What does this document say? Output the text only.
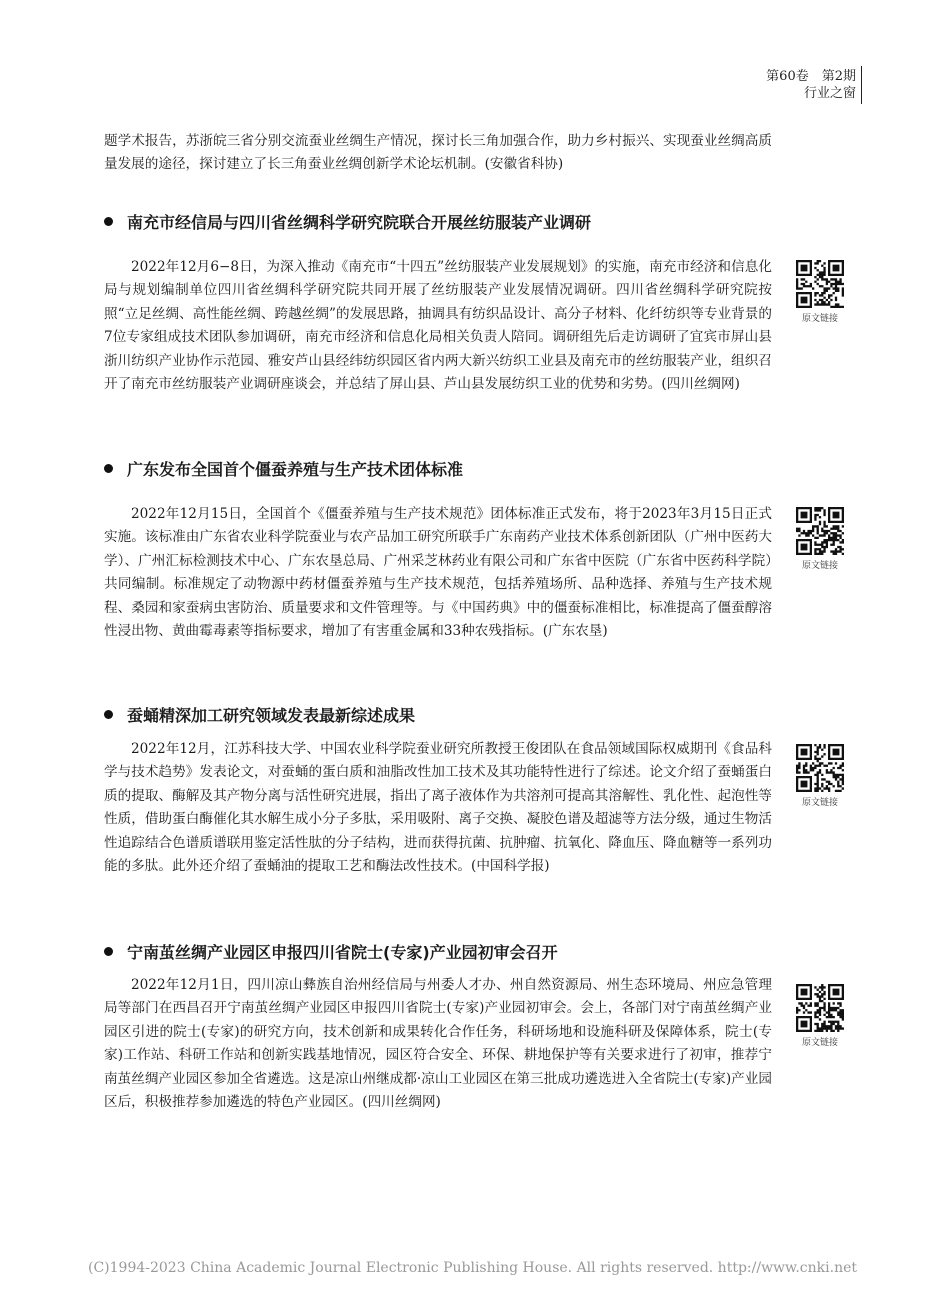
第60卷　第2期
行业之窗

题学术报告，苏浙皖三省分别交流蚕业丝绸生产情况，探讨长三角加强合作，助力乡村振兴、实现蚕业丝绸高质量发展的途径，探讨建立了长三角蚕业丝绸创新学术论坛机制。(安徽省科协)

南充市经信局与四川省丝绸科学研究院联合开展丝纺服装产业调研

2022年12月6−8日，为深入推动《南充市“十四五”丝纺服装产业发展规划》的实施，南充市经济和信息化局与规划编制单位四川省丝绸科学研究院共同开展了丝纺服装产业发展情况调研。四川省丝绸科学研究院按照“立足丝绸、高性能丝绸、跨越丝绸”的发展思路，抽调具有纺织品设计、高分子材料、化纤纺织等专业背景的7位专家组成技术团队参加调研，南充市经济和信息化局相关负责人陪同。调研组先后走访调研了宜宾市屏山县浙川纺织产业协作示范园、雅安芦山县经纬纺织园区省内两大新兴纺织工业县及南充市的丝纺服装产业，组织召开了南充市丝纺服装产业调研座谈会，并总结了屏山县、芦山县发展纺织工业的优势和劣势。(四川丝绸网)

原文链接
广东发布全国首个僵蚕养殖与生产技术团体标准

2022年12月15日，全国首个《僵蚕养殖与生产技术规范》团体标准正式发布，将于2023年3月15日正式实施。该标准由广东省农业科学院蚕业与农产品加工研究所联手广东南药产业技术体系创新团队（广州中医药大学）、广州汇标检测技术中心、广东农垦总局、广州采芝林药业有限公司和广东省中医院（广东省中医药科学院）共同编制。标准规定了动物源中药材僵蚕养殖与生产技术规范，包括养殖场所、品种选择、养殖与生产技术规程、桑园和家蚕病虫害防治、质量要求和文件管理等。与《中国药典》中的僵蚕标准相比，标准提高了僵蚕醇溶性浸出物、黄曲霉毒素等指标要求，增加了有害重金属和33种农残指标。(广东农垦)

原文链接
蚕蛹精深加工研究领域发表最新综述成果

2022年12月，江苏科技大学、中国农业科学院蚕业研究所教授王俊团队在食品领域国际权威期刊《食品科学与技术趋势》发表论文，对蚕蛹的蛋白质和油脂改性加工技术及其功能特性进行了综述。论文介绍了蚕蛹蛋白质的提取、酶解及其产物分离与活性研究进展，指出了离子液体作为共溶剂可提高其溶解性、乳化性、起泡性等性质，借助蛋白酶催化其水解生成小分子多肽，采用吸附、离子交换、凝胶色谱及超滤等方法分级，通过生物活性追踪结合色谱质谱联用鉴定活性肽的分子结构，进而获得抗菌、抗肿瘤、抗氧化、降血压、降血糖等一系列功能的多肽。此外还介绍了蚕蛹油的提取工艺和酶法改性技术。(中国科学报)

原文链接
宁南茧丝绸产业园区申报四川省院士(专家)产业园初审会召开

2022年12月1日，四川凉山彝族自治州经信局与州委人才办、州自然资源局、州生态环境局、州应急管理局等部门在西昌召开宁南茧丝绸产业园区申报四川省院士(专家)产业园初审会。会上，各部门对宁南茧丝绸产业园区引进的院士(专家)的研究方向，技术创新和成果转化合作任务，科研场地和设施科研及保障体系，院士(专家)工作站、科研工作站和创新实践基地情况，园区符合安全、环保、耕地保护等有关要求进行了初审，推荐宁南茧丝绸产业园区参加全省遴选。这是凉山州继成都·凉山工业园区在第三批成功遴选进入全省院士(专家)产业园区后，积极推荐参加遴选的特色产业园区。(四川丝绸网)

原文链接
(C)1994-2023 China Academic Journal Electronic Publishing House. All rights reserved. http://www.cnki.net
